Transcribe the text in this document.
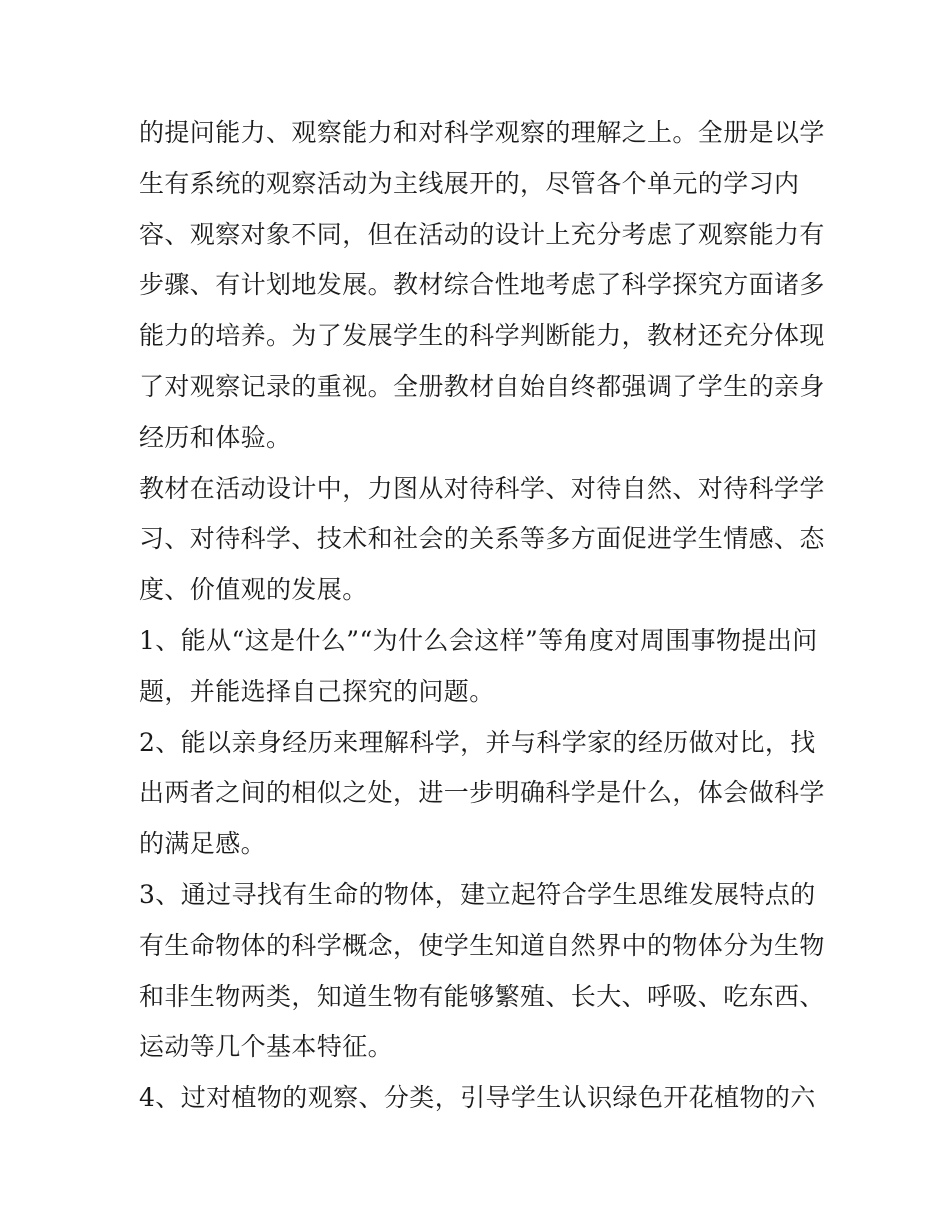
的提问能力、观察能力和对科学观察的理解之上。全册是以学
生有系统的观察活动为主线展开的，尽管各个单元的学习内
容、观察对象不同，但在活动的设计上充分考虑了观察能力有
步骤、有计划地发展。教材综合性地考虑了科学探究方面诸多
能力的培养。为了发展学生的科学判断能力，教材还充分体现
了对观察记录的重视。全册教材自始自终都强调了学生的亲身
经历和体验。

教材在活动设计中，力图从对待科学、对待自然、对待科学学
习、对待科学、技术和社会的关系等多方面促进学生情感、态
度、价值观的发展。

1、能从“这是什么”“为什么会这样”等角度对周围事物提出问
题，并能选择自己探究的问题。

2、能以亲身经历来理解科学，并与科学家的经历做对比，找
出两者之间的相似之处，进一步明确科学是什么，体会做科学
的满足感。

3、通过寻找有生命的物体，建立起符合学生思维发展特点的
有生命物体的科学概念，使学生知道自然界中的物体分为生物
和非生物两类，知道生物有能够繁殖、长大、呼吸、吃东西、
运动等几个基本特征。

4、过对植物的观察、分类，引导学生认识绿色开花植物的六
